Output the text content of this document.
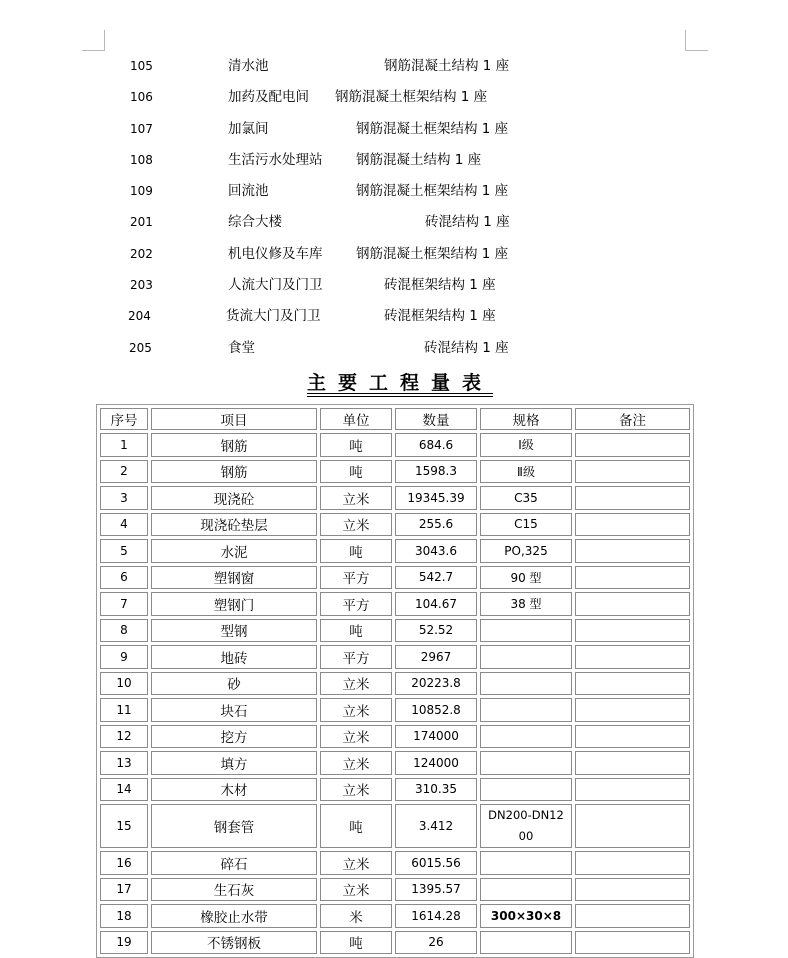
105	清水池	钢筋混凝土结构 1 座
106	加药及配电间 钢筋混凝土框架结构 1 座
107	加氯间	钢筋混凝土框架结构 1 座
108	生活污水处理站 钢筋混凝土结构 1 座
109	回流池	钢筋混凝土框架结构 1 座
201	综合大楼	砖混结构 1 座
202	机电仪修及车库 钢筋混凝土框架结构 1 座
203	人流大门及门卫	砖混框架结构 1 座
204	货流大门及门卫	砖混框架结构 1 座
205	食堂	砖混结构 1 座
主要工程量表
序号	项目	单位	数量	规格	备注
1	钢筋	吨	684.6	Ⅰ级	
2	钢筋	吨	1598.3	Ⅱ级	
3	现浇砼	立米	19345.39	C35	
4	现浇砼垫层	立米	255.6	C15	
5	水泥	吨	3043.6	PO,325	
6	塑钢窗	平方	542.7	90 型	
7	塑钢门	平方	104.67	38 型	
8	型钢	吨	52.52		
9	地砖	平方	2967		
10	砂	立米	20223.8		
11	块石	立米	10852.8		
12	挖方	立米	174000		
13	填方	立米	124000		
14	木材	立米	310.35		
15	钢套管	吨	3.412	DN200-DN1200	
16	碎石	立米	6015.56		
17	生石灰	立米	1395.57		
18	橡胶止水带	米	1614.28	300×30×8	
19	不锈钢板	吨	26		
